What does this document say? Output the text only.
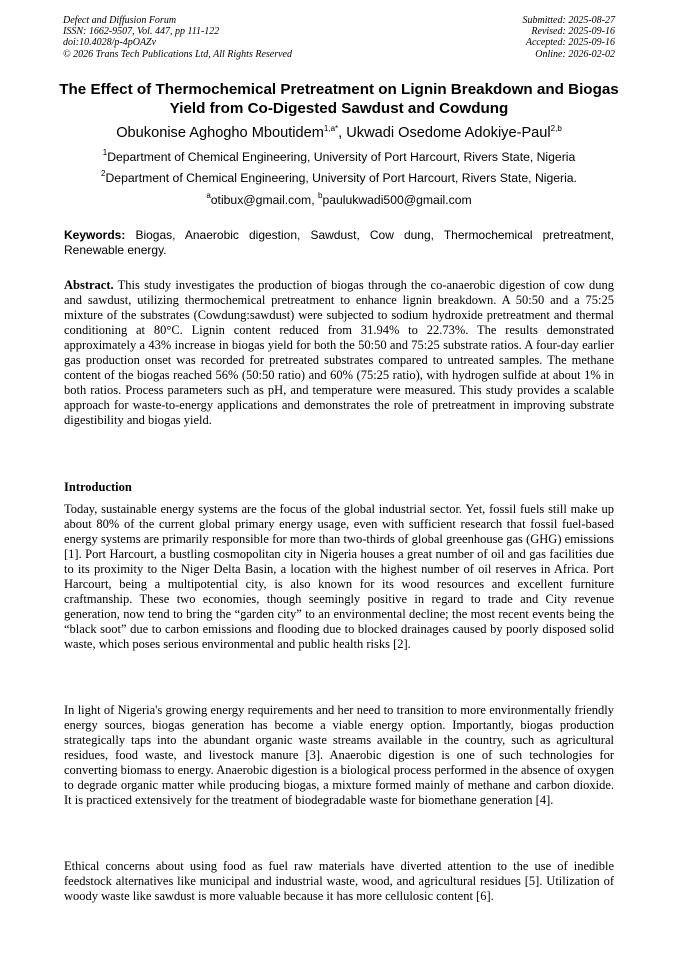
Defect and Diffusion Forum
ISSN: 1662-9507, Vol. 447, pp 111-122
doi:10.4028/p-4pOAZv
© 2026 Trans Tech Publications Ltd, All Rights Reserved
Submitted: 2025-08-27
Revised: 2025-09-16
Accepted: 2025-09-16
Online: 2026-02-02
The Effect of Thermochemical Pretreatment on Lignin Breakdown and Biogas Yield from Co-Digested Sawdust and Cowdung
Obukonise Aghogho Mboutidem$^{1,a*}$, Ukwadi Osedome Adokiye-Paul$^{2,b}$
$^1$Department of Chemical Engineering, University of Port Harcourt, Rivers State, Nigeria
$^2$Department of Chemical Engineering, University of Port Harcourt, Rivers State, Nigeria.
$^a$otibux@gmail.com, $^b$paulukwadi500@gmail.com
Keywords: Biogas, Anaerobic digestion, Sawdust, Cow dung, Thermochemical pretreatment, Renewable energy.
Abstract. This study investigates the production of biogas through the co-anaerobic digestion of cow dung and sawdust, utilizing thermochemical pretreatment to enhance lignin breakdown. A 50:50 and a 75:25 mixture of the substrates (Cowdung:sawdust) were subjected to sodium hydroxide pretreatment and thermal conditioning at 80°C. Lignin content reduced from 31.94% to 22.73%. The results demonstrated approximately a 43% increase in biogas yield for both the 50:50 and 75:25 substrate ratios. A four-day earlier gas production onset was recorded for pretreated substrates compared to untreated samples. The methane content of the biogas reached 56% (50:50 ratio) and 60% (75:25 ratio), with hydrogen sulfide at about 1% in both ratios. Process parameters such as pH, and temperature were measured. This study provides a scalable approach for waste-to-energy applications and demonstrates the role of pretreatment in improving substrate digestibility and biogas yield.
Introduction
Today, sustainable energy systems are the focus of the global industrial sector. Yet, fossil fuels still make up about 80% of the current global primary energy usage, even with sufficient research that fossil fuel-based energy systems are primarily responsible for more than two-thirds of global greenhouse gas (GHG) emissions [1]. Port Harcourt, a bustling cosmopolitan city in Nigeria houses a great number of oil and gas facilities due to its proximity to the Niger Delta Basin, a location with the highest number of oil reserves in Africa. Port Harcourt, being a multipotential city, is also known for its wood resources and excellent furniture craftmanship. These two economies, though seemingly positive in regard to trade and City revenue generation, now tend to bring the “garden city” to an environmental decline; the most recent events being the “black soot” due to carbon emissions and flooding due to blocked drainages caused by poorly disposed solid waste, which poses serious environmental and public health risks [2].
In light of Nigeria's growing energy requirements and her need to transition to more environmentally friendly energy sources, biogas generation has become a viable energy option. Importantly, biogas production strategically taps into the abundant organic waste streams available in the country, such as agricultural residues, food waste, and livestock manure [3]. Anaerobic digestion is one of such technologies for converting biomass to energy. Anaerobic digestion is a biological process performed in the absence of oxygen to degrade organic matter while producing biogas, a mixture formed mainly of methane and carbon dioxide. It is practiced extensively for the treatment of biodegradable waste for biomethane generation [4].
Ethical concerns about using food as fuel raw materials have diverted attention to the use of inedible feedstock alternatives like municipal and industrial waste, wood, and agricultural residues [5]. Utilization of woody waste like sawdust is more valuable because it has more cellulosic content [6].
